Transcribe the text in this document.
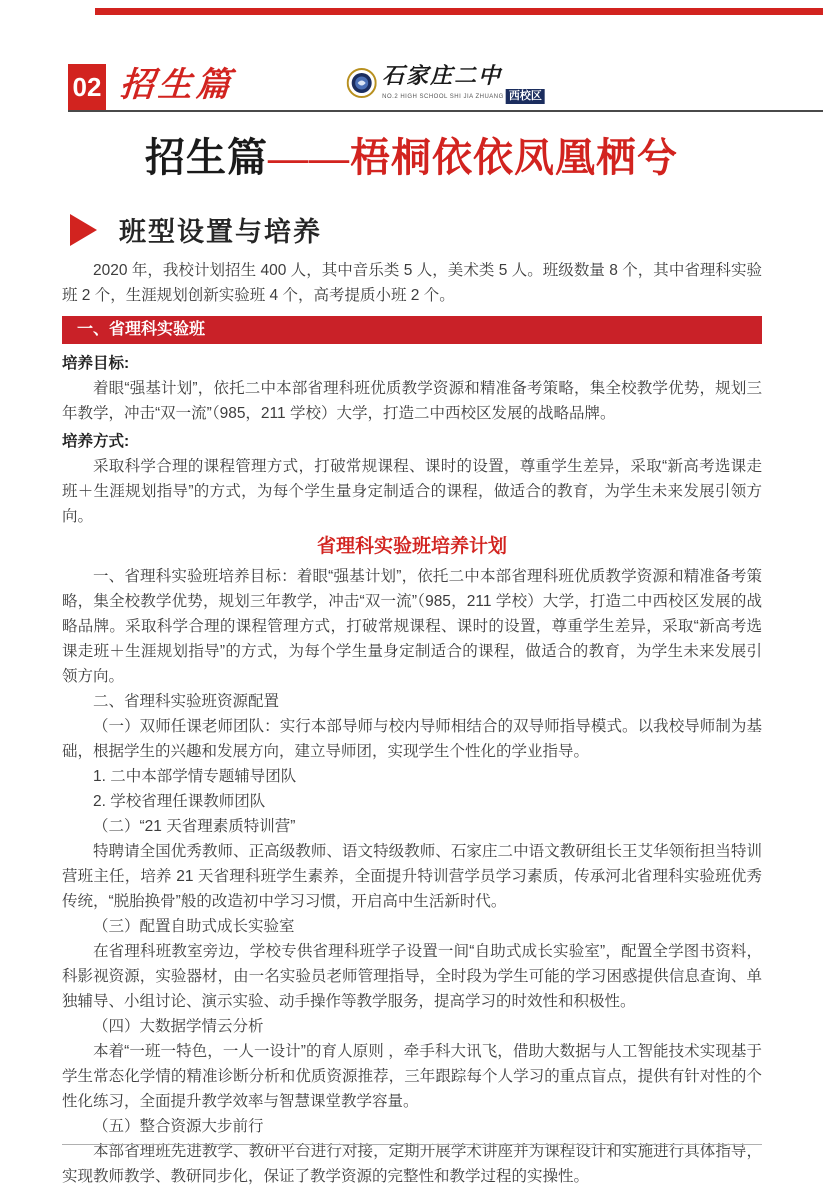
02 招生篇	石家庄二中
NO.2 HIGH SCHOOL SHI JIA ZHUANG 西校区
招生篇——梧桐依依凤凰栖兮
班型设置与培养

2020 年，我校计划招生 400 人，其中音乐类 5 人，美术类 5 人。班级数量 8 个，其中省理科实验班 2 个，生涯规划创新实验班 4 个，高考提质小班 2 个。

一、省理科实验班

培养目标:

着眼“强基计划”，依托二中本部省理科班优质教学资源和精准备考策略，集全校教学优势，规划三年教学，冲击“双一流”（985，211 学校）大学，打造二中西校区发展的战略品牌。

培养方式:

采取科学合理的课程管理方式，打破常规课程、课时的设置，尊重学生差异，采取“新高考选课走班＋生涯规划指导”的方式，为每个学生量身定制适合的课程，做适合的教育，为学生未来发展引领方向。

省理科实验班培养计划

一、省理科实验班培养目标：着眼“强基计划”，依托二中本部省理科班优质教学资源和精准备考策略，集全校教学优势，规划三年教学，冲击“双一流”（985，211 学校）大学，打造二中西校区发展的战略品牌。采取科学合理的课程管理方式，打破常规课程、课时的设置，尊重学生差异，采取“新高考选课走班＋生涯规划指导”的方式，为每个学生量身定制适合的课程，做适合的教育，为学生未来发展引领方向。

二、省理科实验班资源配置

（一）双师任课老师团队：实行本部导师与校内导师相结合的双导师指导模式。以我校导师制为基础，根据学生的兴趣和发展方向，建立导师团，实现学生个性化的学业指导。

1. 二中本部学情专题辅导团队

2. 学校省理任课教师团队

（二）“21 天省理素质特训营”

特聘请全国优秀教师、正高级教师、语文特级教师、石家庄二中语文教研组长王艾华领衔担当特训营班主任，培养 21 天省理科班学生素养，全面提升特训营学员学习素质，传承河北省理科实验班优秀传统，“脱胎换骨”般的改造初中学习习惯，开启高中生活新时代。

（三）配置自助式成长实验室

在省理科班教室旁边，学校专供省理科班学子设置一间“自助式成长实验室”，配置全学图书资料，科影视资源，实验器材，由一名实验员老师管理指导，全时段为学生可能的学习困惑提供信息查询、单独辅导、小组讨论、演示实验、动手操作等教学服务，提高学习的时效性和积极性。

（四）大数据学情云分析

本着“一班一特色，一人一设计”的育人原则 ，牵手科大讯飞，借助大数据与人工智能技术实现基于学生常态化学情的精准诊断分析和优质资源推荐，三年跟踪每个人学习的重点盲点，提供有针对性的个性化练习，全面提升教学效率与智慧课堂教学容量。

（五）整合资源大步前行

本部省理班先进教学、教研平台进行对接，定期开展学术讲座并为课程设计和实施进行具体指导，实现教师教学、教研同步化，保证了教学资源的完整性和教学过程的实操性。
